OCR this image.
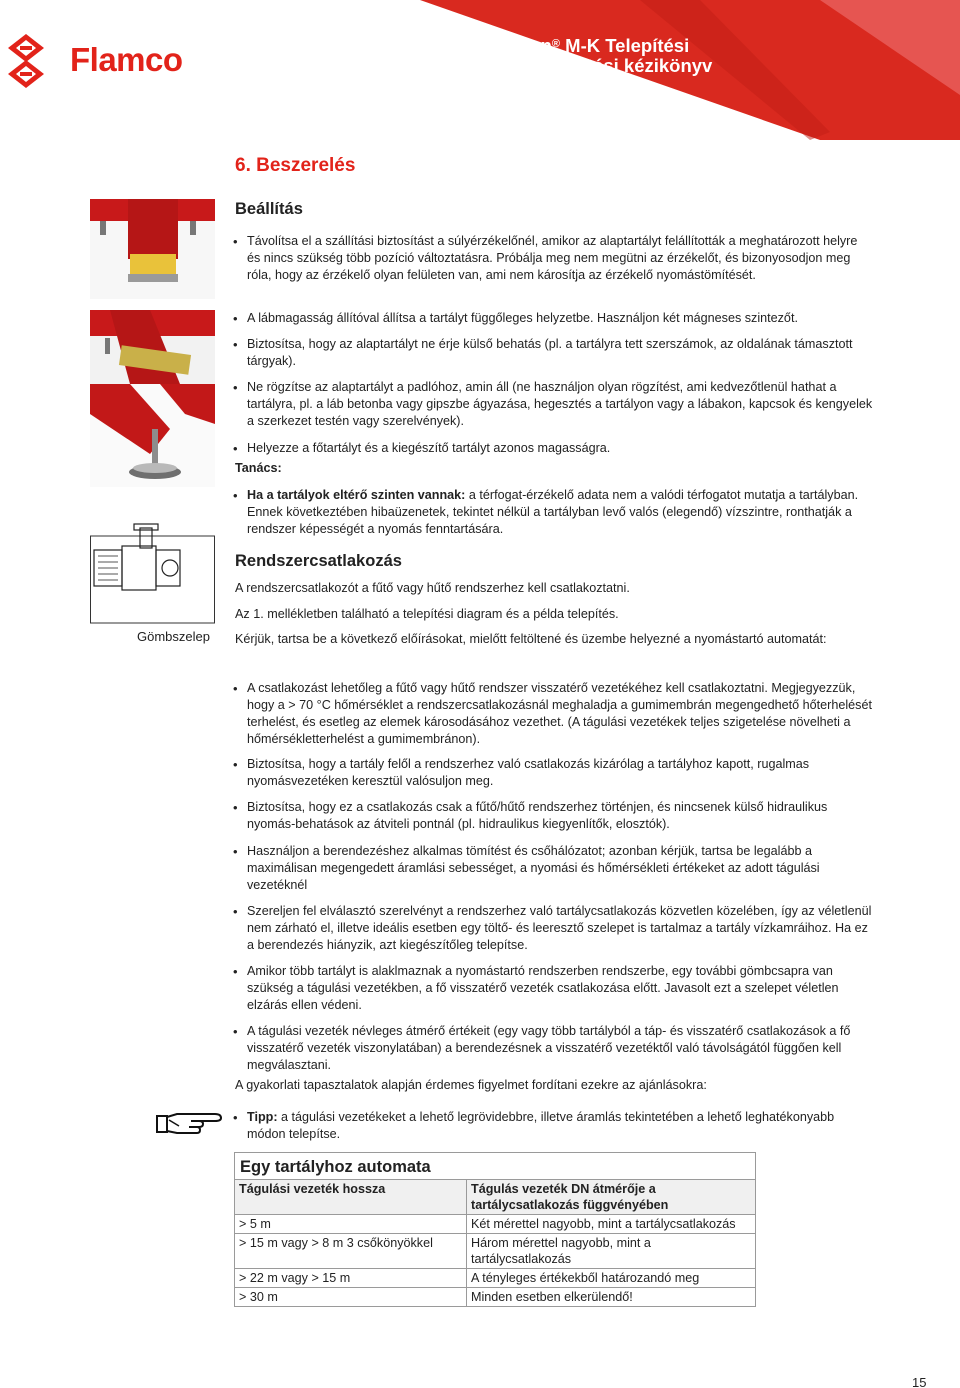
Flamco	Flexcon® M-K Telepítési
és üzemeltetési kézikönyv
6. Beszerelés
Beállítás
Gömbszelep
• Távolítsa el a szállítási biztosítást a súlyérzékelőnél, amikor az alaptartályt felállították a meghatározott helyre és nincs szükség több pozíció változtatásra. Próbálja meg nem megütni az érzékelőt, és bizonyosodjon meg róla, hogy az érzékelő olyan felületen van, ami nem károsítja az érzékelő nyomástömítését.
• A lábmagasság állítóval állítsa a tartályt függőleges helyzetbe. Használjon két mágneses szintezőt.
• Biztosítsa, hogy az alaptartályt ne érje külső behatás (pl. a tartályra tett szerszámok, az oldalának támasztott tárgyak).
• Ne rögzítse az alaptartályt a padlóhoz, amin áll (ne használjon olyan rögzítést, ami kedvezőtlenül hathat a tartályra, pl. a láb betonba vagy gipszbe ágyazása, hegesztés a tartályon vagy a lábakon, kapcsok és kengyelek a szerkezet testén vagy szerelvények).
• Helyezze a főtartályt és a kiegészítő tartályt azonos magasságra.
Tanács:
• Ha a tartályok eltérő szinten vannak: a térfogat-érzékelő adata nem a valódi térfogatot mutatja a tartályban. Ennek következtében hibaüzenetek, tekintet nélkül a tartályban levő valós (elegendő) vízszintre, ronthatják a rendszer képességét a nyomás fenntartására.
Rendszercsatlakozás
A rendszercsatlakozót a fűtő vagy hűtő rendszerhez kell csatlakoztatni.
Az 1. mellékletben található a telepítési diagram és a példa telepítés.
Kérjük, tartsa be a következő előírásokat, mielőtt feltöltené és üzembe helyezné a nyomástartó automatát:
• A csatlakozást lehetőleg a fűtő vagy hűtő rendszer visszatérő vezetékéhez kell csatlakoztatni. Megjegyezzük, hogy a > 70 °C hőmérséklet a rendszercsatlakozásnál meghaladja a gumimembrán megengedhető hőterhelését terhelést, és esetleg az elemek károsodásához vezethet. (A tágulási vezetékek teljes szigetelése növelheti a hőmérsékletterhelést a gumimembránon).
• Biztosítsa, hogy a tartály felől a rendszerhez való csatlakozás kizárólag a tartályhoz kapott, rugalmas nyomásvezetéken keresztül valósuljon meg.
• Biztosítsa, hogy ez a csatlakozás csak a fűtő/hűtő rendszerhez történjen, és nincsenek külső hidraulikus nyomás-behatások az átviteli pontnál (pl. hidraulikus kiegyenlítők, elosztók).
• Használjon a berendezéshez alkalmas tömítést és csőhálózatot; azonban kérjük, tartsa be legalább a maximálisan megengedett áramlási sebességet, a nyomási és hőmérsékleti értékeket az adott tágulási vezetéknél
• Szereljen fel elválasztó szerelvényt a rendszerhez való tartálycsatlakozás közvetlen közelében, így az véletlenül nem zárható el, illetve ideális esetben egy töltő- és leeresztő szelepet is tartalmaz a tartály vízkamráihoz. Ha ez a berendezés hiányzik, azt kiegészítőleg telepítse.
• Amikor több tartályt is alaklmaznak a nyomástartó rendszerben rendszerbe, egy további gömbcsapra van szükség a tágulási vezetékben, a fő visszatérő vezeték csatlakozása előtt. Javasolt ezt a szelepet véletlen elzárás ellen védeni.
• A tágulási vezeték névleges átmérő értékeit (egy vagy több tartályból a táp- és visszatérő csatlakozások a fő visszatérő vezeték viszonylatában) a berendezésnek a visszatérő vezetéktől való távolságától függően kell megválasztani.
A gyakorlati tapasztalatok alapján érdemes figyelmet fordítani ezekre az ajánlásokra:
• Tipp: a tágulási vezetékeket a lehető legrövidebbre, illetve áramlás tekintetében a lehető leghatékonyabb módon telepítse.
Egy tartályhoz automata	
Tágulási vezeték hossza	Tágulás vezeték DN átmérője a tartálycsatlakozás függvényében
> 5 m	Két mérettel nagyobb, mint a tartálycsatlakozás
> 15 m vagy > 8 m 3 csőkönyökkel	Három mérettel nagyobb, mint a tartálycsatlakozás
> 22 m vagy > 15 m	A tényleges értékekből határozandó meg
> 30 m	Minden esetben elkerülendő!
15
